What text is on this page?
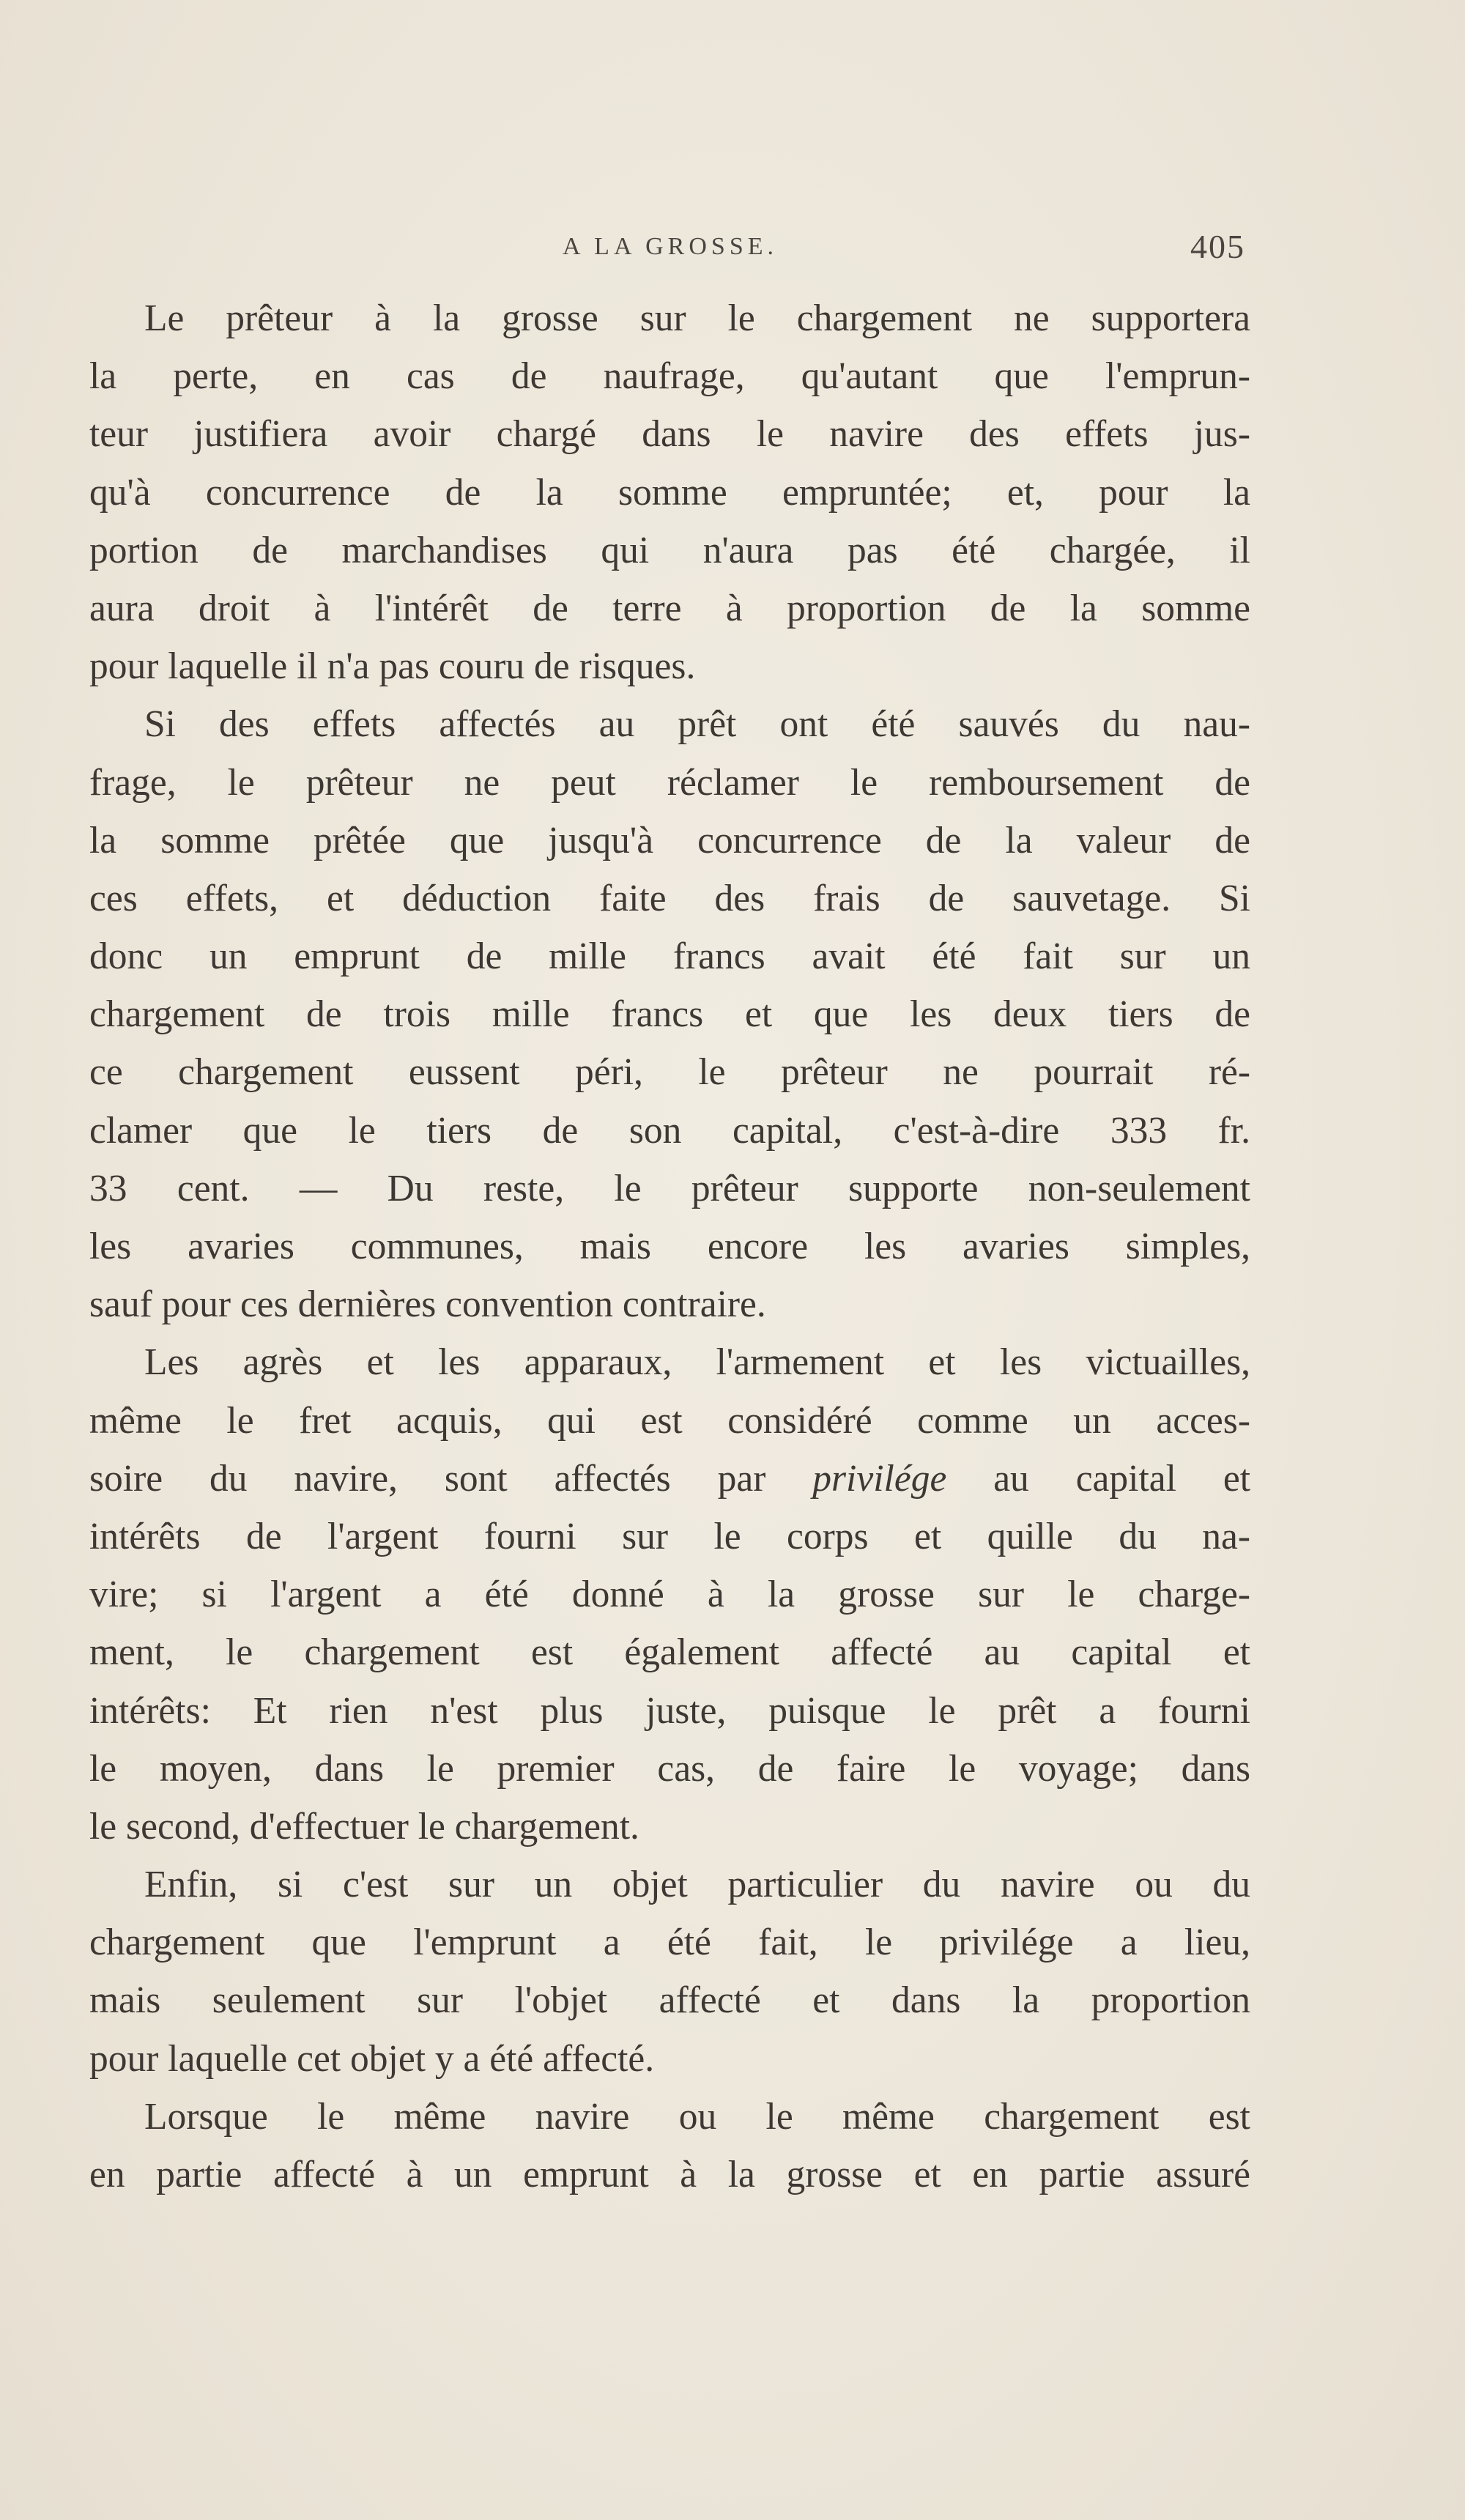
A LA GROSSE.	405
Le prêteur à la grosse sur le chargement ne supportera
la perte, en cas de naufrage, qu'autant que l'emprun-
teur justifiera avoir chargé dans le navire des effets jus-
qu'à concurrence de la somme empruntée; et, pour la
portion de marchandises qui n'aura pas été chargée, il
aura droit à l'intérêt de terre à proportion de la somme
pour laquelle il n'a pas couru de risques.
Si des effets affectés au prêt ont été sauvés du nau-
frage, le prêteur ne peut réclamer le remboursement de
la somme prêtée que jusqu'à concurrence de la valeur de
ces effets, et déduction faite des frais de sauvetage. Si
donc un emprunt de mille francs avait été fait sur un
chargement de trois mille francs et que les deux tiers de
ce chargement eussent péri, le prêteur ne pourrait ré-
clamer que le tiers de son capital, c'est-à-dire 333 fr.
33 cent. — Du reste, le prêteur supporte non-seulement
les avaries communes, mais encore les avaries simples,
sauf pour ces dernières convention contraire.
Les agrès et les apparaux, l'armement et les victuailles,
même le fret acquis, qui est considéré comme un acces-
soire du navire, sont affectés par privilége au capital et
intérêts de l'argent fourni sur le corps et quille du na-
vire; si l'argent a été donné à la grosse sur le charge-
ment, le chargement est également affecté au capital et
intérêts: Et rien n'est plus juste, puisque le prêt a fourni
le moyen, dans le premier cas, de faire le voyage; dans
le second, d'effectuer le chargement.
Enfin, si c'est sur un objet particulier du navire ou du
chargement que l'emprunt a été fait, le privilége a lieu,
mais seulement sur l'objet affecté et dans la proportion
pour laquelle cet objet y a été affecté.
Lorsque le même navire ou le même chargement est
en partie affecté à un emprunt à la grosse et en partie assuré
